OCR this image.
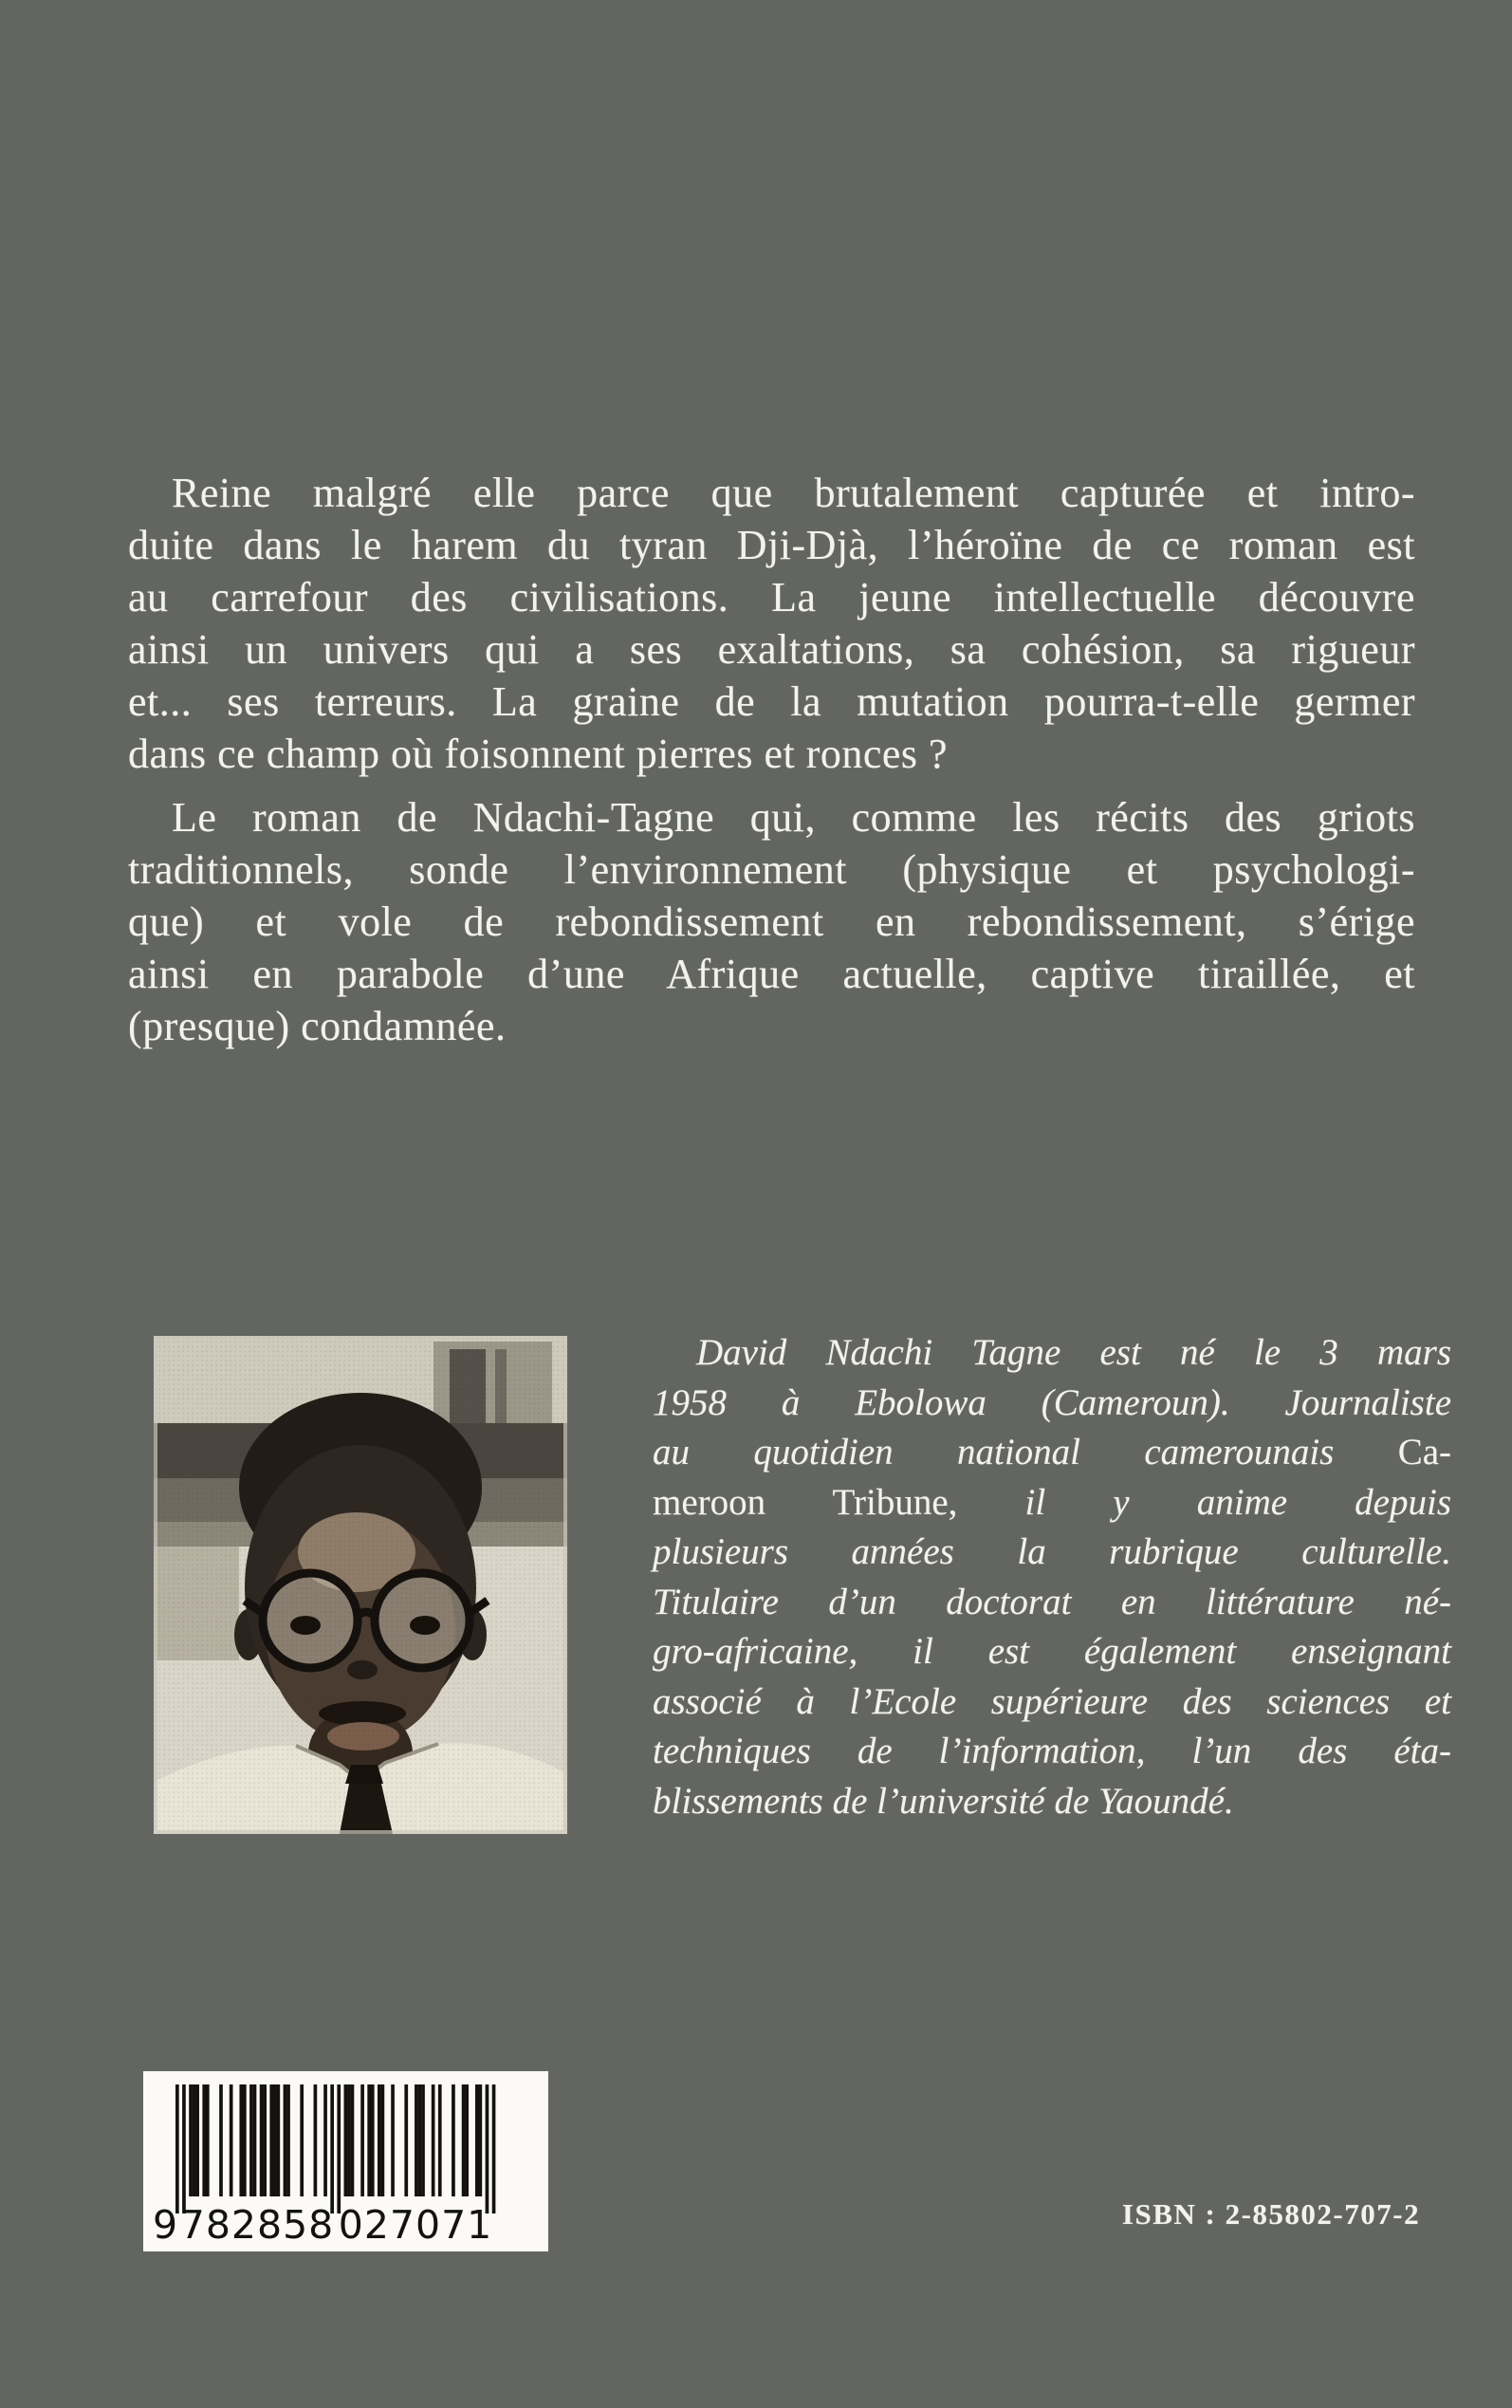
Reine malgré elle parce que brutalement capturée et intro-
duite dans le harem du tyran Dji-Djà, l’héroïne de ce roman est
au carrefour des civilisations. La jeune intellectuelle découvre
ainsi un univers qui a ses exaltations, sa cohésion, sa rigueur
et... ses terreurs. La graine de la mutation pourra-t-elle germer
dans ce champ où foisonnent pierres et ronces ?
Le roman de Ndachi-Tagne qui, comme les récits des griots
traditionnels, sonde l’environnement (physique et psychologi-
que) et vole de rebondissement en rebondissement, s’érige
ainsi en parabole d’une Afrique actuelle, captive tiraillée, et
(presque) condamnée.
David Ndachi Tagne est né le 3 mars
1958 à Ebolowa (Cameroun). Journaliste
au quotidien national camerounais Ca-
meroon Tribune, il y anime depuis
plusieurs années la rubrique culturelle.
Titulaire d’un doctorat en littérature né-
gro-africaine, il est également enseignant
associé à l’Ecole supérieure des sciences et
techniques de l’information, l’un des éta-
blissements de l’université de Yaoundé.
9 782858 027071	ISBN : 2-85802-707-2
